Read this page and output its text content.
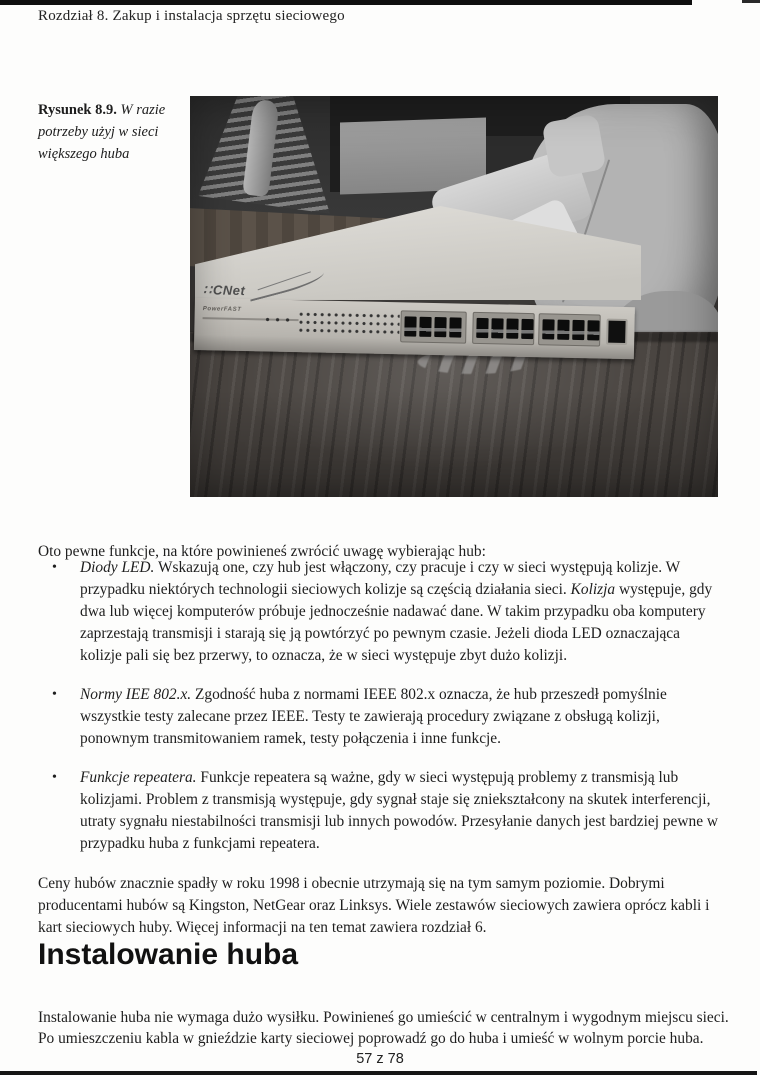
Rozdział 8. Zakup i instalacja sprzętu sieciowego
Rysunek 8.9. W razie potrzeby użyj w sieci większego huba
∷ CNet
PowerFAST

Oto pewne funkcje, na które powinieneś zwrócić uwagę wybierając hub:

•	Diody LED. Wskazują one, czy hub jest włączony, czy pracuje i czy w sieci występują kolizje. W przypadku niektórych technologii sieciowych kolizje są częścią działania sieci. Kolizja występuje, gdy dwa lub więcej komputerów próbuje jednocześnie nadawać dane. W takim przypadku oba komputery zaprzestają transmisji i starają się ją powtórzyć po pewnym czasie. Jeżeli dioda LED oznaczająca kolizje pali się bez przerwy, to oznacza, że w sieci występuje zbyt dużo kolizji.
•	Normy IEE 802.x. Zgodność huba z normami IEEE 802.x oznacza, że hub przeszedł pomyślnie wszystkie testy zalecane przez IEEE. Testy te zawierają procedury związane z obsługą kolizji, ponownym transmitowaniem ramek, testy połączenia i inne funkcje.
•	Funkcje repeatera. Funkcje repeatera są ważne, gdy w sieci występują problemy z transmisją lub kolizjami. Problem z transmisją występuje, gdy sygnał staje się zniekształcony na skutek interferencji, utraty sygnału niestabilności transmisji lub innych powodów. Przesyłanie danych jest bardziej pewne w przypadku huba z funkcjami repeatera.

Ceny hubów znacznie spadły w roku 1998 i obecnie utrzymają się na tym samym poziomie. Dobrymi producentami hubów są Kingston, NetGear oraz Linksys. Wiele zestawów sieciowych zawiera oprócz kabli i kart sieciowych huby. Więcej informacji na ten temat zawiera rozdział 6.

Instalowanie huba

Instalowanie huba nie wymaga dużo wysiłku. Powinieneś go umieścić w centralnym i wygodnym miejscu sieci. Po umieszczeniu kabla w gnieździe karty sieciowej poprowadź go do huba i umieść w wolnym porcie huba.

57 z 78
